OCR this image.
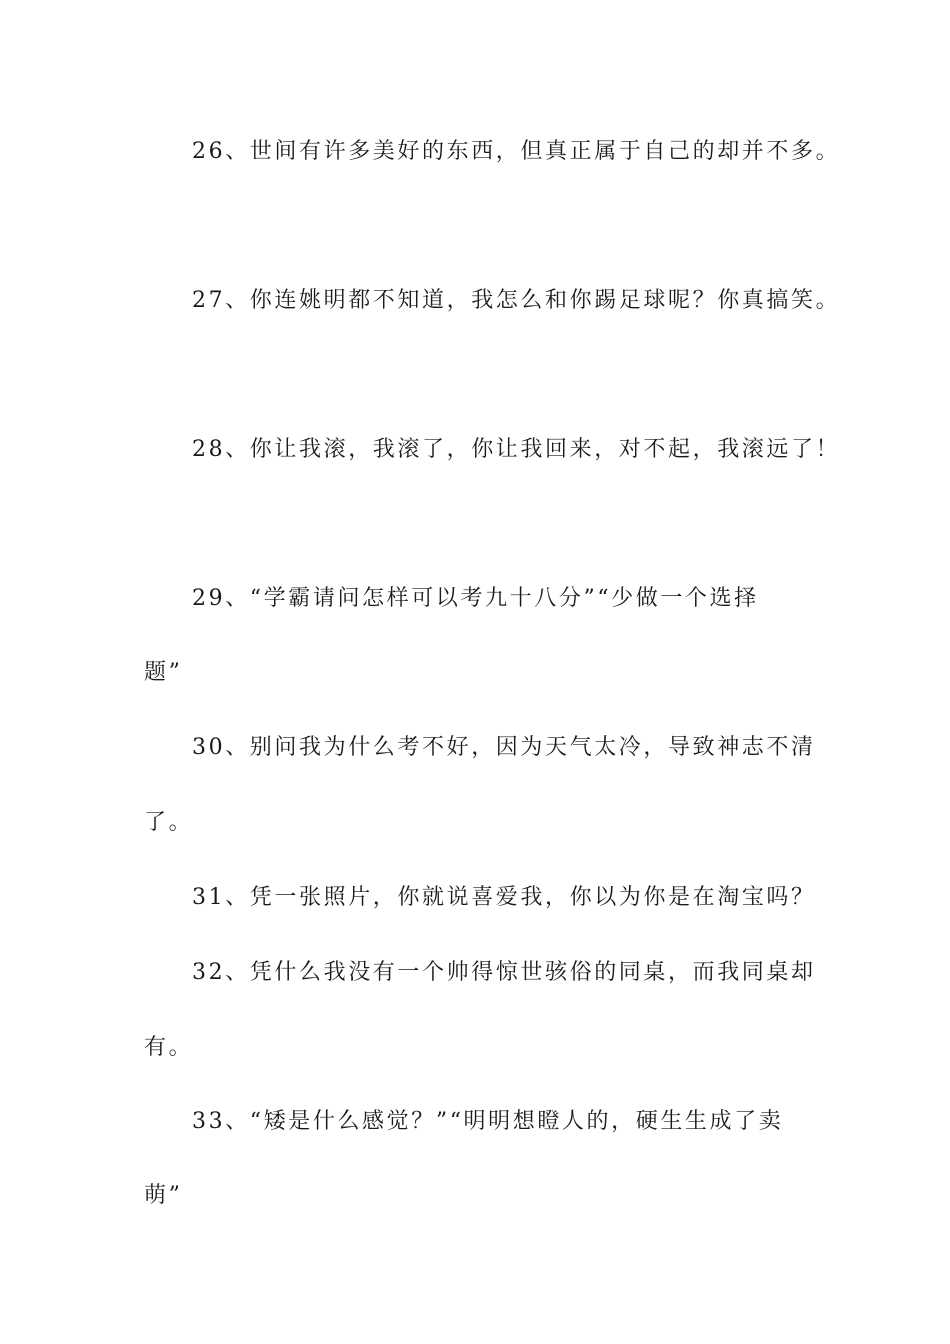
26、世间有许多美好的东西，但真正属于自己的却并不多。
27、你连姚明都不知道，我怎么和你踢足球呢？你真搞笑。
28、你让我滚，我滚了，你让我回来，对不起，我滚远了！
29、“学霸请问怎样可以考九十八分”“少做一个选择
题”
30、别问我为什么考不好，因为天气太冷，导致神志不清
了。
31、凭一张照片，你就说喜爱我，你以为你是在淘宝吗？
32、凭什么我没有一个帅得惊世骇俗的同桌，而我同桌却
有。
33、“矮是什么感觉？”“明明想瞪人的，硬生生成了卖
萌”
